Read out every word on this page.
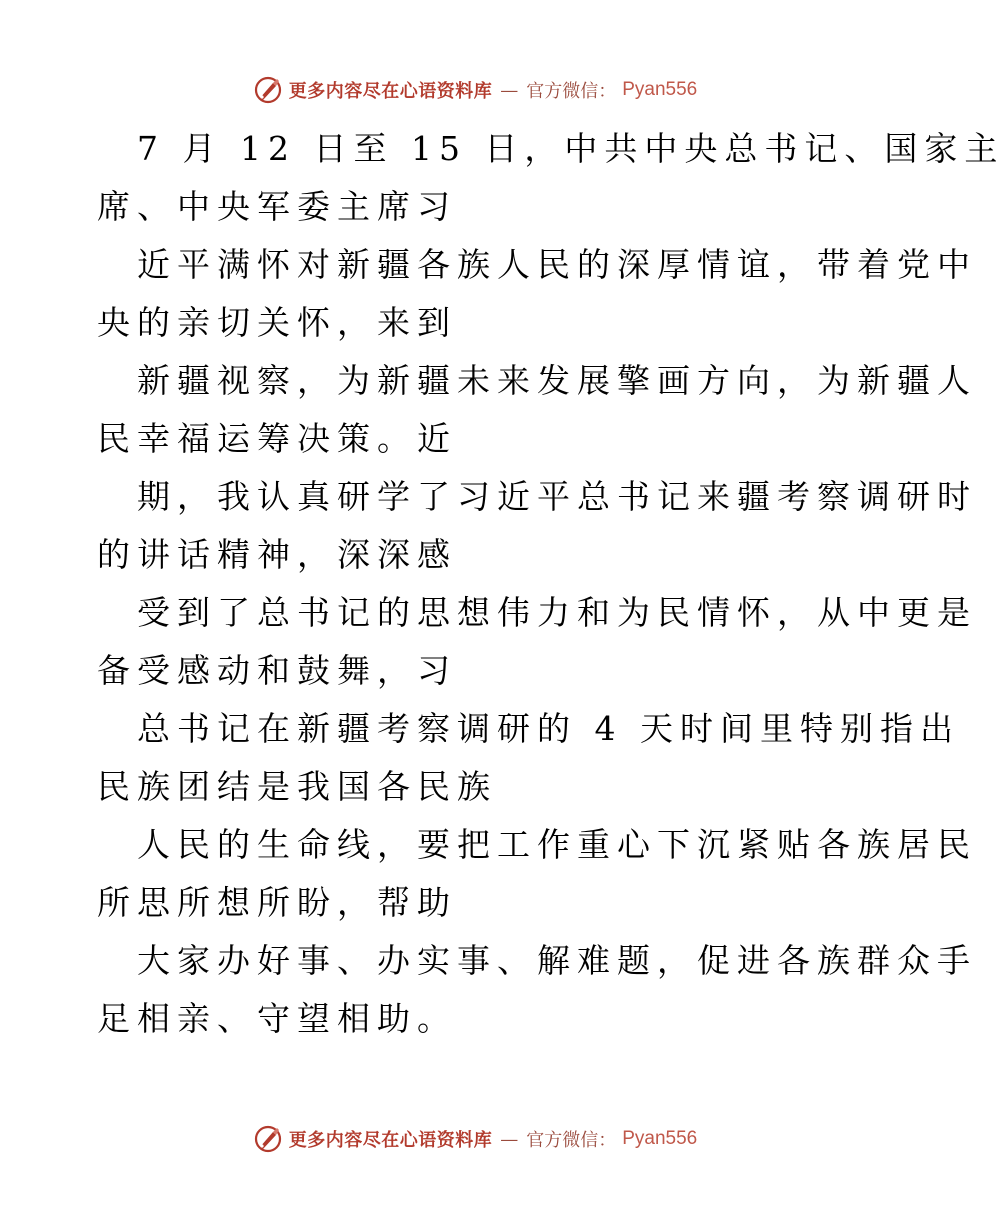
更多内容尽在心语资料库 — 官方微信： Pyan556

7 月 12 日至 15 日，中共中央总书记、国家主

席、中央军委主席习

近平满怀对新疆各族人民的深厚情谊，带着党中

央的亲切关怀，来到

新疆视察，为新疆未来发展擎画方向，为新疆人

民幸福运筹决策。近

期，我认真研学了习近平总书记来疆考察调研时

的讲话精神，深深感

受到了总书记的思想伟力和为民情怀，从中更是

备受感动和鼓舞，习

总书记在新疆考察调研的 4 天时间里特别指出

民族团结是我国各民族

人民的生命线，要把工作重心下沉紧贴各族居民

所思所想所盼，帮助

大家办好事、办实事、解难题，促进各族群众手

足相亲、守望相助。

更多内容尽在心语资料库 — 官方微信： Pyan556
